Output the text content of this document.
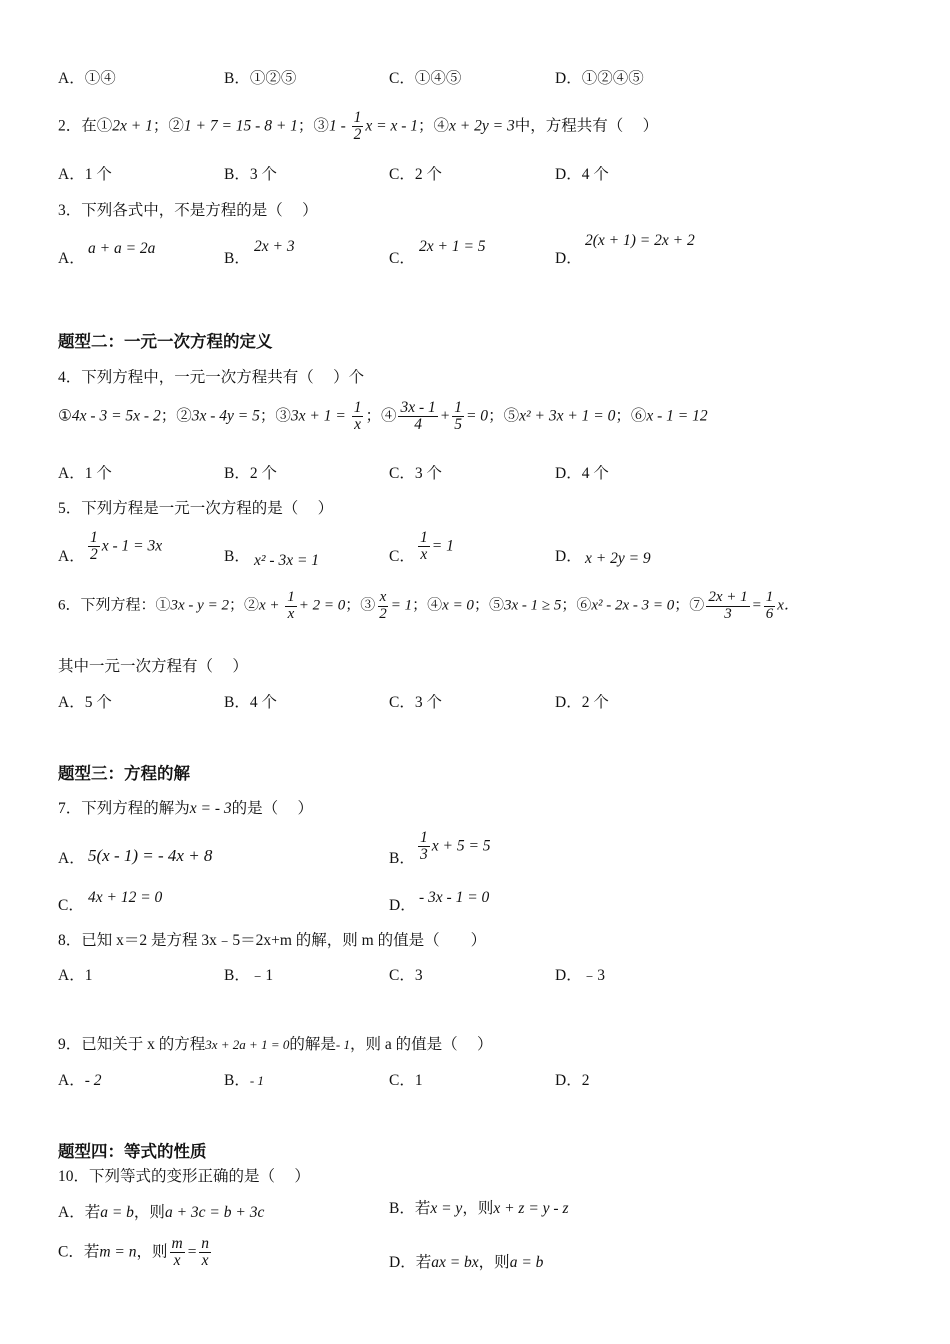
A．①④	B．①②⑤	C．①④⑤	D．①②④⑤
2．在①2x + 1；②1 + 7 = 15 - 8 + 1；③1 - $\frac{1}{2}$ x = x - 1；④x + 2y = 3中，方程共有（　 ）
A．1 个	B．3 个	C．2 个	D．4 个
3．下列各式中，不是方程的是（　 ）
A．
a + a = 2a
B．
2x + 3
C．
2x + 1 = 5
D．
2(x + 1) = 2x + 2
题型二：一元一次方程的定义
4．下列方程中，一元一次方程共有（　 ）个
①4x - 3 = 5x - 2；②3x - 4y = 5；③3x + $1 = \frac{1}{x}$ ；④ $\frac{3x - 1}{4} + \frac{1}{5} = 0$；⑤x² + 3x + 1 = 0；⑥x - 1 = 12
A．1 个	B．2 个	C．3 个	D．4 个
5．下列方程是一元一次方程的是（　 ）
A． $\frac{1}{2}$ x - 1 = 3x
B． x² - 3x = 1	C． $\frac{1}{x} = 1$
D． x + 2y = 9
6．下列方程：①3x - y = 2；②x + $\frac{1}{x} + 2 = 0$；③ $\frac{x}{2} = 1$；④x = 0；⑤3x - 1 ≥ 5；⑥x² - 2x - 3 = 0；⑦ $\frac{2x + 1}{3} = \frac{1}{6}$ x．
其中一元一次方程有（　 ）
A．5 个	B．4 个	C．3 个	D．2 个
题型三：方程的解
7．下列方程的解为x = - 3的是（　 ）
A． 5(x - 1) = - 4x + 8	B． $\frac{1}{3}$ x + 5 = 5
C． 4x + 12 = 0	D． - 3x - 1 = 0
8．已知 x＝2 是方程 3x﹣5＝2x+m 的解，则 m 的值是（　　）
A．1	B．﹣1	C．3	D．﹣3
9．已知关于 x 的方程3x + 2a + 1 = 0的解是- 1，则 a 的值是（　 ）
A．- 2	B．- 1	C．1	D．2
题型四：等式的性质
10．下列等式的变形正确的是（　 ）
A．若a = b，则a + 3c = b + 3c	B．若x = y，则x + z = y - z
C．若m = n，则 $\frac{m}{x} = \frac{n}{x}$	D．若ax = bx，则a = b
